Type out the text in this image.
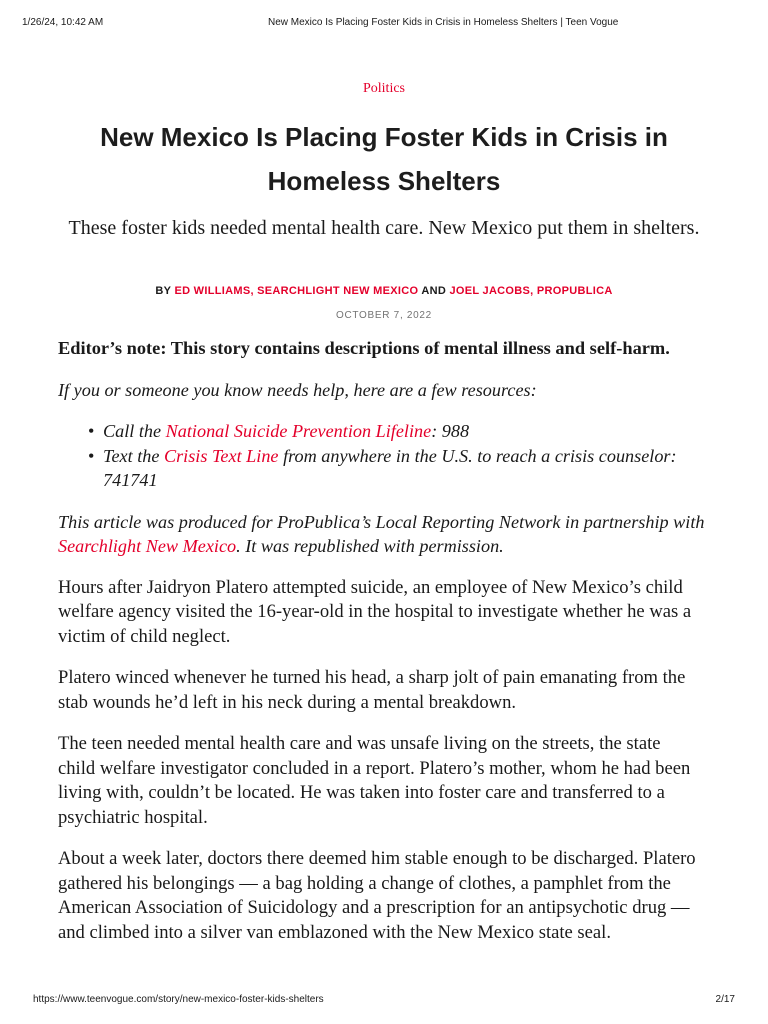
1/26/24, 10:42 AM	New Mexico Is Placing Foster Kids in Crisis in Homeless Shelters | Teen Vogue
Politics
New Mexico Is Placing Foster Kids in Crisis in Homeless Shelters

These foster kids needed mental health care. New Mexico put them in shelters.

BY ED WILLIAMS, SEARCHLIGHT NEW MEXICO AND JOEL JACOBS, PROPUBLICA
OCTOBER 7, 2022

Editor’s note: This story contains descriptions of mental illness and self-harm.

If you or someone you know needs help, here are a few resources:

•
Call the National Suicide Prevention Lifeline: 988
•
Text the Crisis Text Line from anywhere in the U.S. to reach a crisis counselor:
741741

This article was produced for ProPublica’s Local Reporting Network in partnership with
Searchlight New Mexico. It was republished with permission.

Hours after Jaidryon Platero attempted suicide, an employee of New Mexico’s child
welfare agency visited the 16-year-old in the hospital to investigate whether he was a
victim of child neglect.

Platero winced whenever he turned his head, a sharp jolt of pain emanating from the
stab wounds he’d left in his neck during a mental breakdown.

The teen needed mental health care and was unsafe living on the streets, the state
child welfare investigator concluded in a report. Platero’s mother, whom he had been
living with, couldn’t be located. He was taken into foster care and transferred to a
psychiatric hospital.

About a week later, doctors there deemed him stable enough to be discharged. Platero
gathered his belongings — a bag holding a change of clothes, a pamphlet from the
American Association of Suicidology and a prescription for an antipsychotic drug —
and climbed into a silver van emblazoned with the New Mexico state seal.

https://www.teenvogue.com/story/new-mexico-foster-kids-shelters	2/17
